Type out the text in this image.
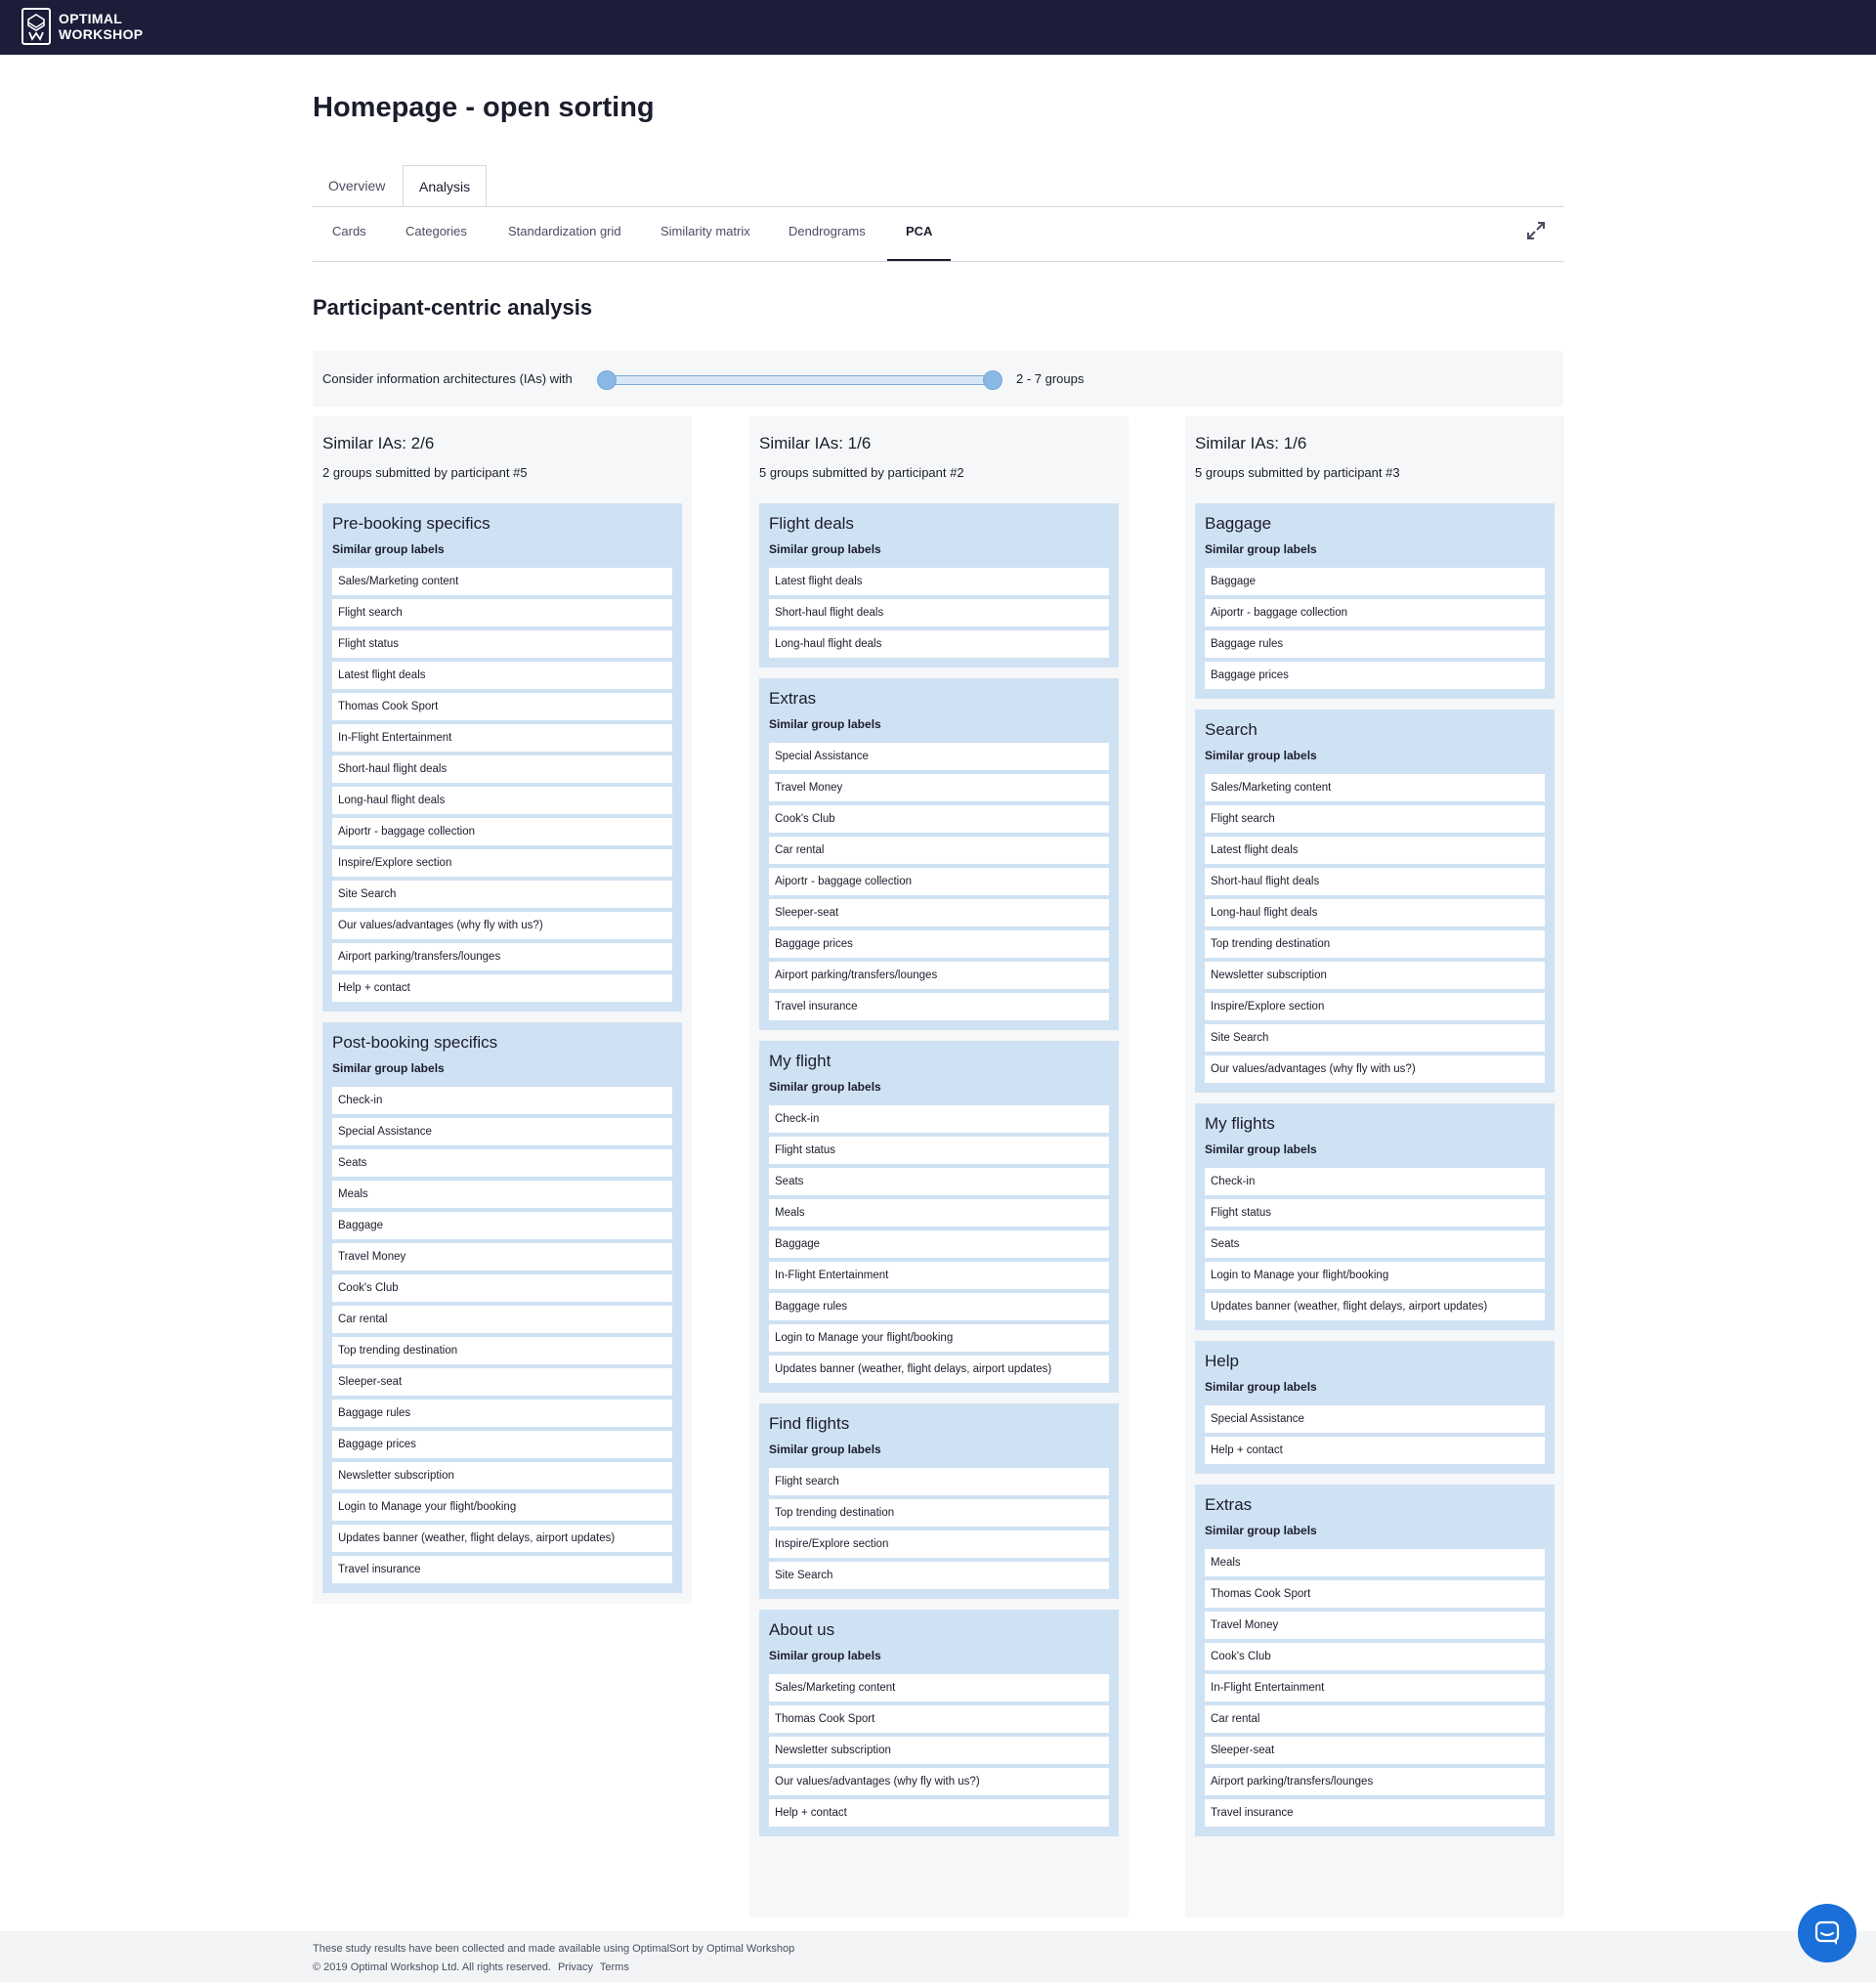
OPTIMAL
WORKSHOP
Homepage - open sorting
Overview	Analysis
Cards	Categories	Standardization grid	Similarity matrix	Dendrograms	PCA
Participant-centric analysis
Consider information architectures (IAs) with	2 - 7 groups
Similar IAs: 2/6
2 groups submitted by participant #5
Pre-booking specifics
Similar group labels
Sales/Marketing content
Flight search
Flight status
Latest flight deals
Thomas Cook Sport
In-Flight Entertainment
Short-haul flight deals
Long-haul flight deals
Aiportr - baggage collection
Inspire/Explore section
Site Search
Our values/advantages (why fly with us?)
Airport parking/transfers/lounges
Help + contact
Post-booking specifics
Similar group labels
Check-in
Special Assistance
Seats
Meals
Baggage
Travel Money
Cook's Club
Car rental
Top trending destination
Sleeper-seat
Baggage rules
Baggage prices
Newsletter subscription
Login to Manage your flight/booking
Updates banner (weather, flight delays, airport updates)
Travel insurance
Similar IAs: 1/6
5 groups submitted by participant #2
Flight deals
Similar group labels
Latest flight deals
Short-haul flight deals
Long-haul flight deals
Extras
Similar group labels
Special Assistance
Travel Money
Cook's Club
Car rental
Aiportr - baggage collection
Sleeper-seat
Baggage prices
Airport parking/transfers/lounges
Travel insurance
My flight
Similar group labels
Check-in
Flight status
Seats
Meals
Baggage
In-Flight Entertainment
Baggage rules
Login to Manage your flight/booking
Updates banner (weather, flight delays, airport updates)
Find flights
Similar group labels
Flight search
Top trending destination
Inspire/Explore section
Site Search
About us
Similar group labels
Sales/Marketing content
Thomas Cook Sport
Newsletter subscription
Our values/advantages (why fly with us?)
Help + contact
Similar IAs: 1/6
5 groups submitted by participant #3
Baggage
Similar group labels
Baggage
Aiportr - baggage collection
Baggage rules
Baggage prices
Search
Similar group labels
Sales/Marketing content
Flight search
Latest flight deals
Short-haul flight deals
Long-haul flight deals
Top trending destination
Newsletter subscription
Inspire/Explore section
Site Search
Our values/advantages (why fly with us?)
My flights
Similar group labels
Check-in
Flight status
Seats
Login to Manage your flight/booking
Updates banner (weather, flight delays, airport updates)
Help
Similar group labels
Special Assistance
Help + contact
Extras
Similar group labels
Meals
Thomas Cook Sport
Travel Money
Cook's Club
In-Flight Entertainment
Car rental
Sleeper-seat
Airport parking/transfers/lounges
Travel insurance
These study results have been collected and made available using OptimalSort by Optimal Workshop
© 2019 Optimal Workshop Ltd. All rights reserved. Privacy Terms
